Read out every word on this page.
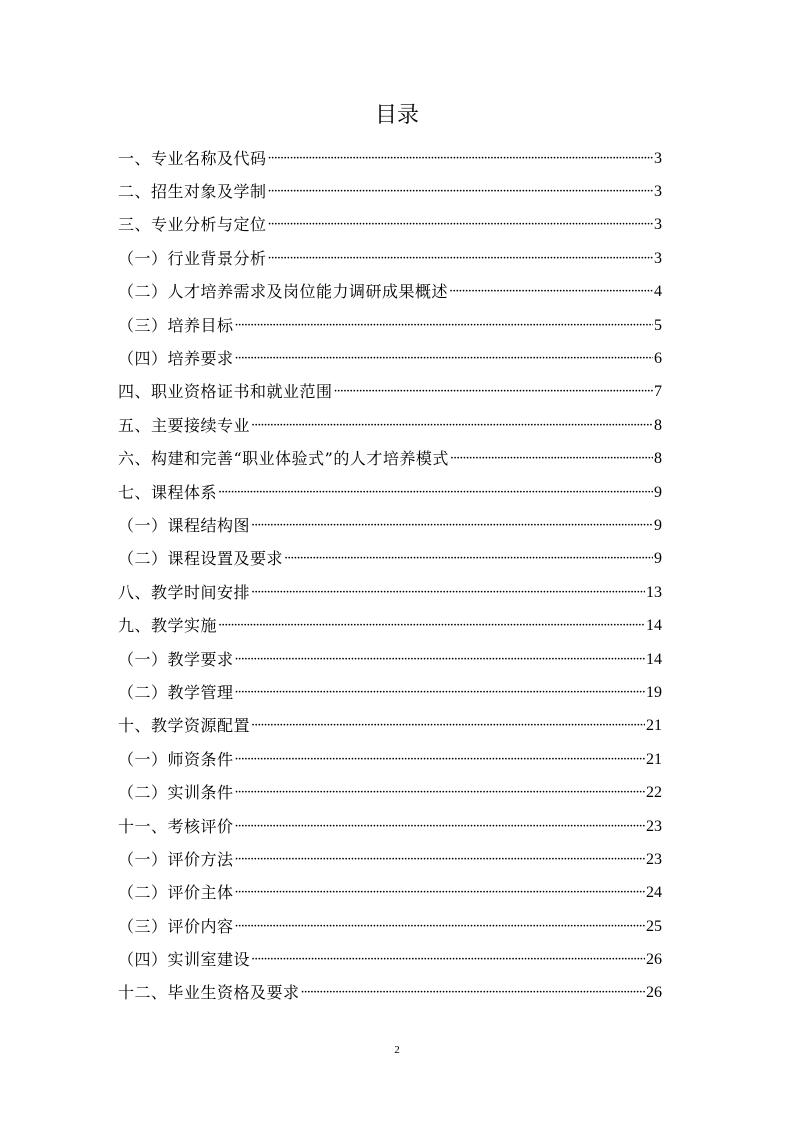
目录
一、专业名称及代码 ·····	3
二、招生对象及学制 ·····	3
三、专业分析与定位 ·····	3
（一）行业背景分析 ·····	3
（二）人才培养需求及岗位能力调研成果概述 ·····	4
（三）培养目标 ·····	5
（四）培养要求 ·····	6
四、职业资格证书和就业范围 ·····	7
五、主要接续专业 ·····	8
六、构建和完善“职业体验式”的人才培养模式 ·····	8
七、课程体系 ·····	9
（一）课程结构图 ·····	9
（二）课程设置及要求 ·····	9
八、教学时间安排 ·····	13
九、教学实施 ·····	14
（一）教学要求 ·····	14
（二）教学管理 ·····	19
十、教学资源配置 ·····	21
（一）师资条件 ·····	21
（二）实训条件 ·····	22
十一、考核评价 ·····	23
（一）评价方法 ·····	23
（二）评价主体 ·····	24
（三）评价内容 ·····	25
（四）实训室建设 ·····	26
十二、毕业生资格及要求 ·····	26
2
